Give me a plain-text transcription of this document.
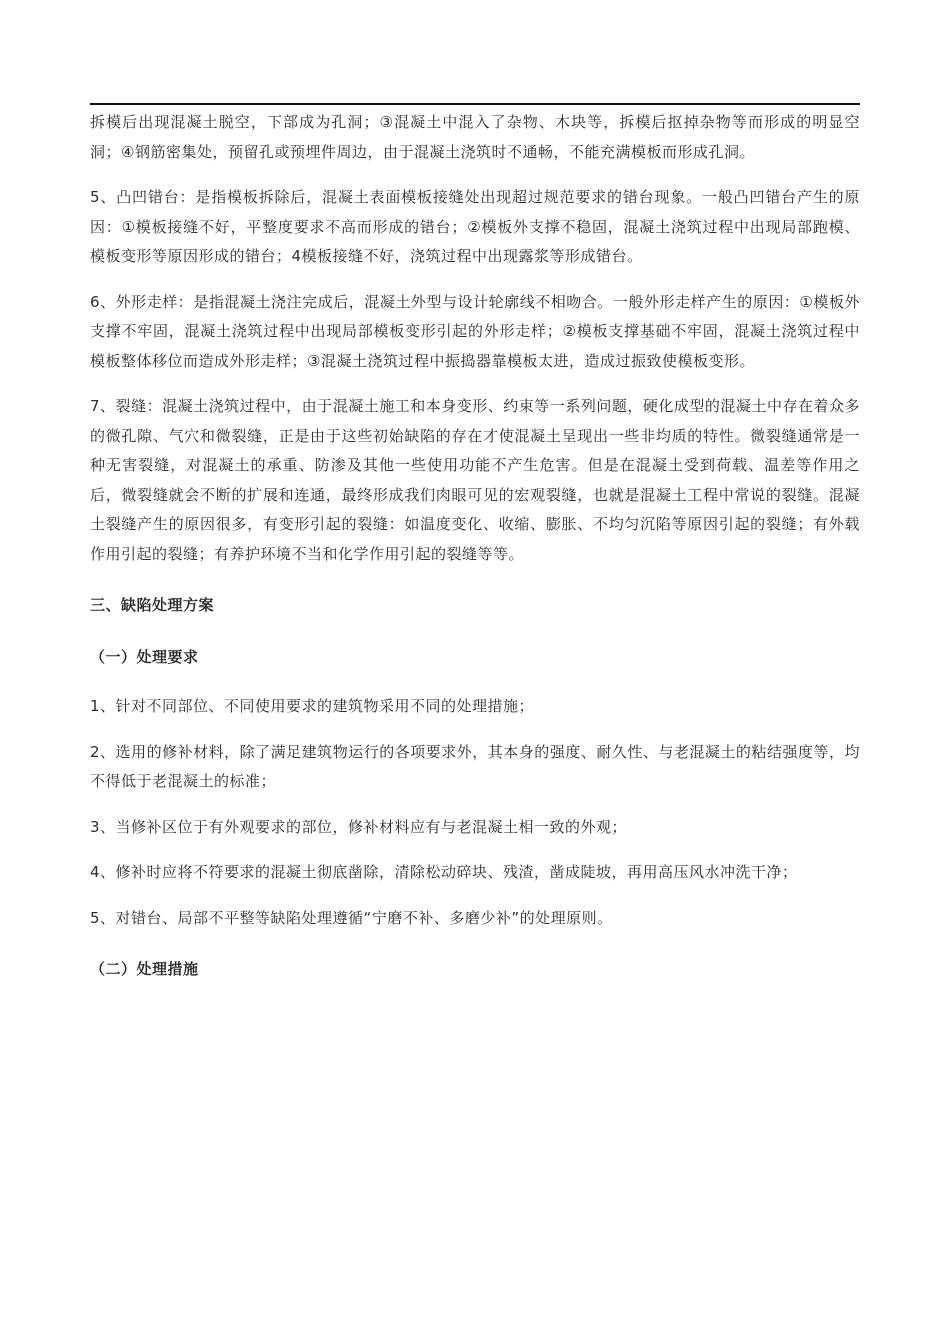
拆模后出现混凝土脱空，下部成为孔洞；③混凝土中混入了杂物、木块等，拆模后抠掉杂物等而形成的明显空洞；④钢筋密集处，预留孔或预埋件周边，由于混凝土浇筑时不通畅，不能充满模板而形成孔洞。

5、凸凹错台：是指模板拆除后，混凝土表面模板接缝处出现超过规范要求的错台现象。一般凸凹错台产生的原因：①模板接缝不好，平整度要求不高而形成的错台；②模板外支撑不稳固，混凝土浇筑过程中出现局部跑模、模板变形等原因形成的错台；4模板接缝不好，浇筑过程中出现露浆等形成错台。

6、外形走样：是指混凝土浇注完成后，混凝土外型与设计轮廓线不相吻合。一般外形走样产生的原因：①模板外支撑不牢固，混凝土浇筑过程中出现局部模板变形引起的外形走样；②模板支撑基础不牢固，混凝土浇筑过程中模板整体移位而造成外形走样；③混凝土浇筑过程中振捣器靠模板太进，造成过振致使模板变形。

7、裂缝：混凝土浇筑过程中，由于混凝土施工和本身变形、约束等一系列问题，硬化成型的混凝土中存在着众多的微孔隙、气穴和微裂缝，正是由于这些初始缺陷的存在才使混凝土呈现出一些非均质的特性。微裂缝通常是一种无害裂缝，对混凝土的承重、防渗及其他一些使用功能不产生危害。但是在混凝土受到荷载、温差等作用之后，微裂缝就会不断的扩展和连通，最终形成我们肉眼可见的宏观裂缝，也就是混凝土工程中常说的裂缝。混凝土裂缝产生的原因很多，有变形引起的裂缝：如温度变化、收缩、膨胀、不均匀沉陷等原因引起的裂缝；有外载作用引起的裂缝；有养护环境不当和化学作用引起的裂缝等等。

三、缺陷处理方案

（一）处理要求

1、针对不同部位、不同使用要求的建筑物采用不同的处理措施；

2、选用的修补材料，除了满足建筑物运行的各项要求外，其本身的强度、耐久性、与老混凝土的粘结强度等，均不得低于老混凝土的标准；

3、当修补区位于有外观要求的部位，修补材料应有与老混凝土相一致的外观；

4、修补时应将不符要求的混凝土彻底凿除，清除松动碎块、残渣，凿成陡坡，再用高压风水冲洗干净；

5、对错台、局部不平整等缺陷处理遵循“宁磨不补、多磨少补”的处理原则。

（二）处理措施
